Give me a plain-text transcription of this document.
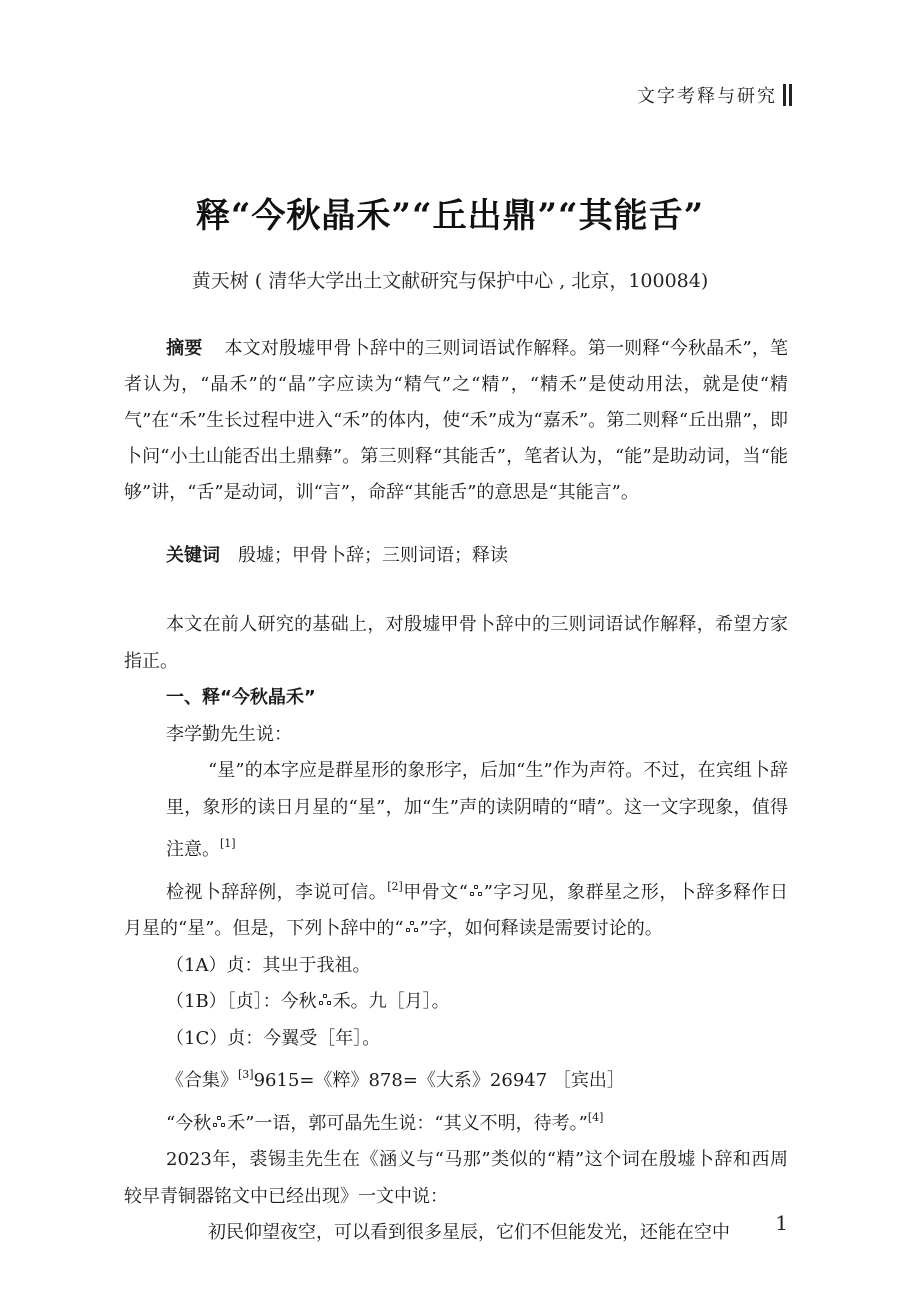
文字考释与研究
释“今秋晶禾”“丘出鼎”“其能舌”
黄天树 ( 清华大学出土文献研究与保护中心 , 北京，100084)
摘要 本文对殷墟甲骨卜辞中的三则词语试作解释。第一则释“今秋晶禾”，笔者认为，“晶禾”的“晶”字应读为“精气”之“精”，“精禾”是使动用法，就是使“精气”在“禾”生长过程中进入“禾”的体内，使“禾”成为“嘉禾”。第二则释“丘出鼎”，即卜问“小土山能否出土鼎彝”。第三则释“其能舌”，笔者认为，“能”是助动词，当“能够”讲，“舌”是动词，训“言”，命辞“其能舌”的意思是“其能言”。
关键词 殷墟；甲骨卜辞；三则词语；释读

本文在前人研究的基础上，对殷墟甲骨卜辞中的三则词语试作解释，希望方家指正。

一、释“今秋晶禾”

李学勤先生说：

“星”的本字应是群星形的象形字，后加“生”作为声符。不过，在宾组卜辞里，象形的读日月星的“星”，加“生”声的读阴晴的“晴”。这一文字现象，值得注意。[1]

检视卜辞辞例，李说可信。[2]甲骨文“ ”字习见，象群星之形，卜辞多释作日月星的“星”。但是，下列卜辞中的“ ”字，如何释读是需要讨论的。

（1A）贞：其㞢于我祖。

（1B）［贞］：今秋 禾。九［月］。

（1C）贞：今翼受［年］。

《合集》[3]9615=《粹》878=《大系》26947 ［宾出］

“今秋 禾”一语，郭可晶先生说：“其义不明，待考。”[4]

2023年，裘锡圭先生在《涵义与“马那”类似的“精”这个词在殷墟卜辞和西周较早青铜器铭文中已经出现》一文中说：

初民仰望夜空，可以看到很多星辰，它们不但能发光，还能在空中	1
